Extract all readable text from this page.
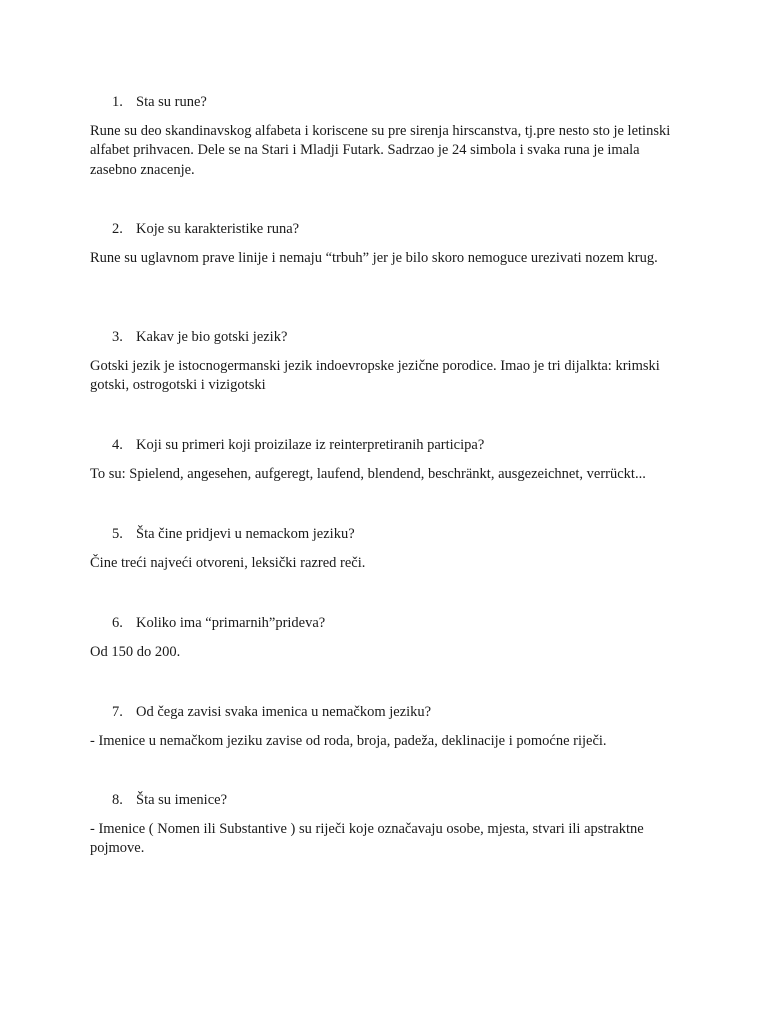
1. Sta su rune?

Rune su deo skandinavskog alfabeta i koriscene su pre sirenja hirscanstva, tj.pre nesto sto je letinski alfabet prihvacen. Dele se na Stari i Mladji Futark. Sadrzao je 24 simbola i svaka runa je imala zasebno znacenje.

2. Koje su karakteristike runa?

Rune su uglavnom prave linije i nemaju “trbuh” jer je bilo skoro nemoguce urezivati nozem krug.

3. Kakav je bio gotski jezik?

Gotski jezik je istocnogermanski jezik indoevropske jezične porodice. Imao je tri dijalkta: krimski gotski, ostrogotski i vizigotski

4. Koji su primeri koji proizilaze iz reinterpretiranih participa?

To su: Spielend, angesehen, aufgeregt, laufend, blendend, beschränkt, ausgezeichnet, verrückt...

5. Šta čine pridjevi u nemackom jeziku?

Čine treći najveći otvoreni, leksički razred reči.

6. Koliko ima “primarnih”prideva?

Od 150 do 200.

7. Od čega zavisi svaka imenica u nemačkom jeziku?

- Imenice u nemačkom jeziku zavise od roda, broja, padeža, deklinacije i pomoćne riječi.

8. Šta su imenice?

- Imenice ( Nomen ili Substantive ) su riječi koje označavaju osobe, mjesta, stvari ili apstraktne pojmove.
